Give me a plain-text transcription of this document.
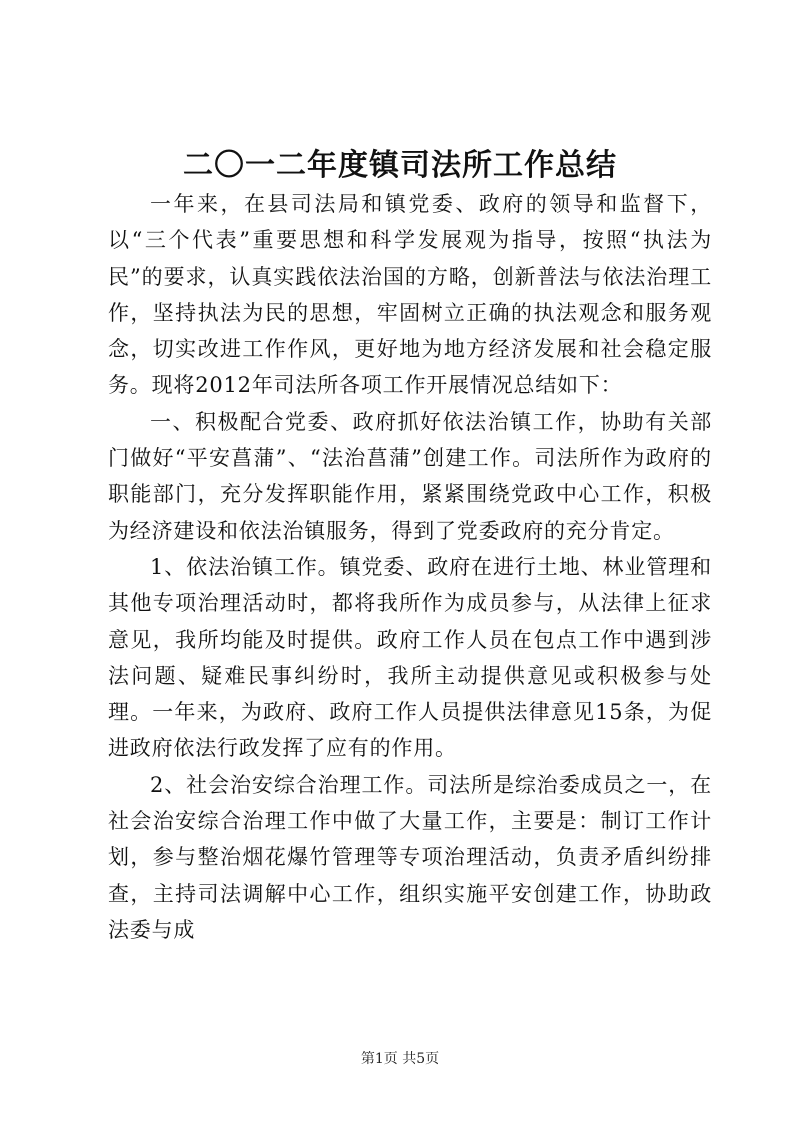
二〇一二年度镇司法所工作总结

一年来，在县司法局和镇党委、政府的领导和监督下，以“三个代表”重要思想和科学发展观为指导，按照“执法为民”的要求，认真实践依法治国的方略，创新普法与依法治理工作，坚持执法为民的思想，牢固树立正确的执法观念和服务观念，切实改进工作作风，更好地为地方经济发展和社会稳定服务。现将2012年司法所各项工作开展情况总结如下：

一、积极配合党委、政府抓好依法治镇工作，协助有关部门做好“平安菖蒲”、“法治菖蒲”创建工作。司法所作为政府的职能部门，充分发挥职能作用，紧紧围绕党政中心工作，积极为经济建设和依法治镇服务，得到了党委政府的充分肯定。

1、依法治镇工作。镇党委、政府在进行土地、林业管理和其他专项治理活动时，都将我所作为成员参与，从法律上征求意见，我所均能及时提供。政府工作人员在包点工作中遇到涉法问题、疑难民事纠纷时，我所主动提供意见或积极参与处理。一年来，为政府、政府工作人员提供法律意见15条，为促进政府依法行政发挥了应有的作用。

2、社会治安综合治理工作。司法所是综治委成员之一，在社会治安综合治理工作中做了大量工作，主要是：制订工作计划，参与整治烟花爆竹管理等专项治理活动，负责矛盾纠纷排查，主持司法调解中心工作，组织实施平安创建工作，协助政法委与成

第1页 共5页
